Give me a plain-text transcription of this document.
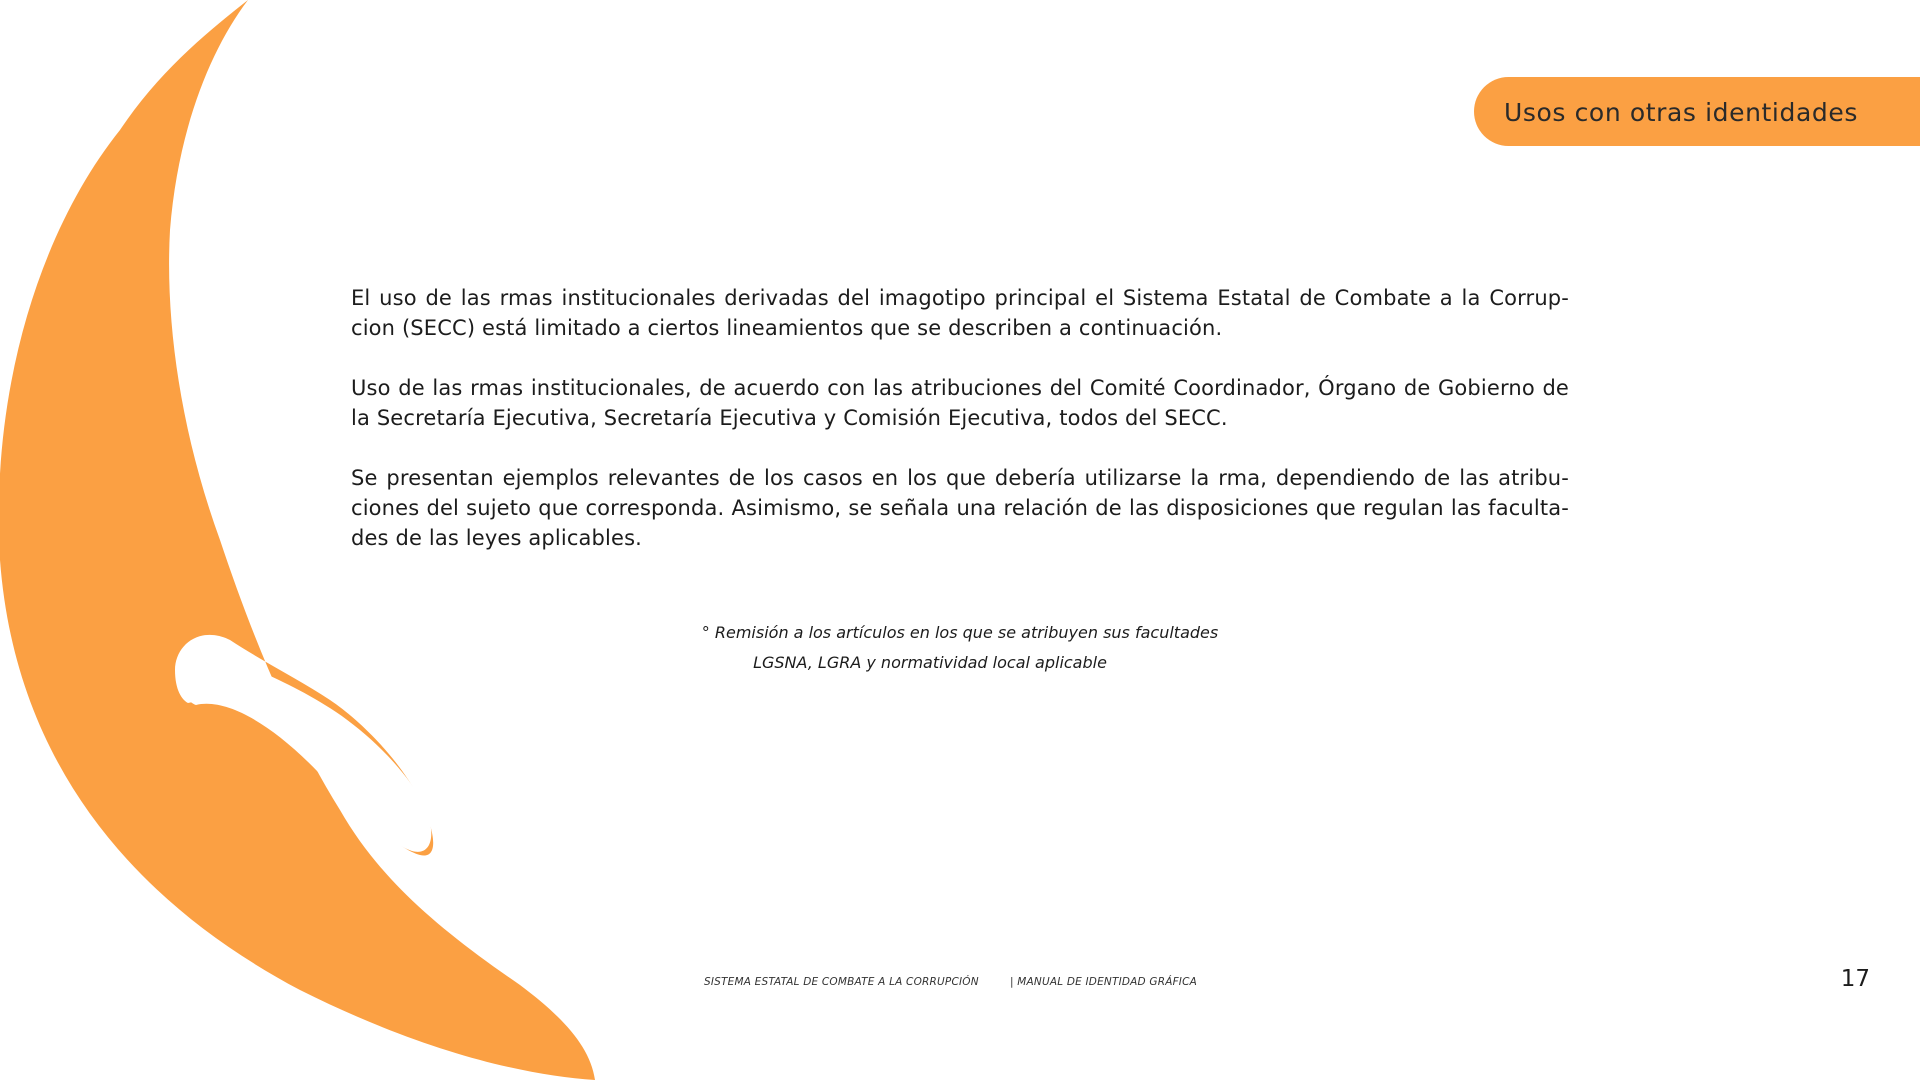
Usos con otras identidades

El uso de las rmas institucionales derivadas del imagotipo principal el Sistema Estatal de Combate a la Corrup- cion (SECC) está limitado a ciertos lineamientos que se describen a continuación.

Uso de las rmas institucionales, de acuerdo con las atribuciones del Comité Coordinador, Órgano de Gobierno de la Secretaría Ejecutiva, Secretaría Ejecutiva y Comisión Ejecutiva, todos del SECC.

Se presentan ejemplos relevantes de los casos en los que debería utilizarse la rma, dependiendo de las atribu- ciones del sujeto que corresponda. Asimismo, se señala una relación de las disposiciones que regulan las faculta- des de las leyes aplicables.

° Remisión a los artículos en los que se atribuyen sus facultades
LGSNA, LGRA y normatividad local aplicable
SISTEMA ESTATAL DE COMBATE A LA CORRUPCIÓN	| MANUAL DE IDENTIDAD GRÁFICA	17
